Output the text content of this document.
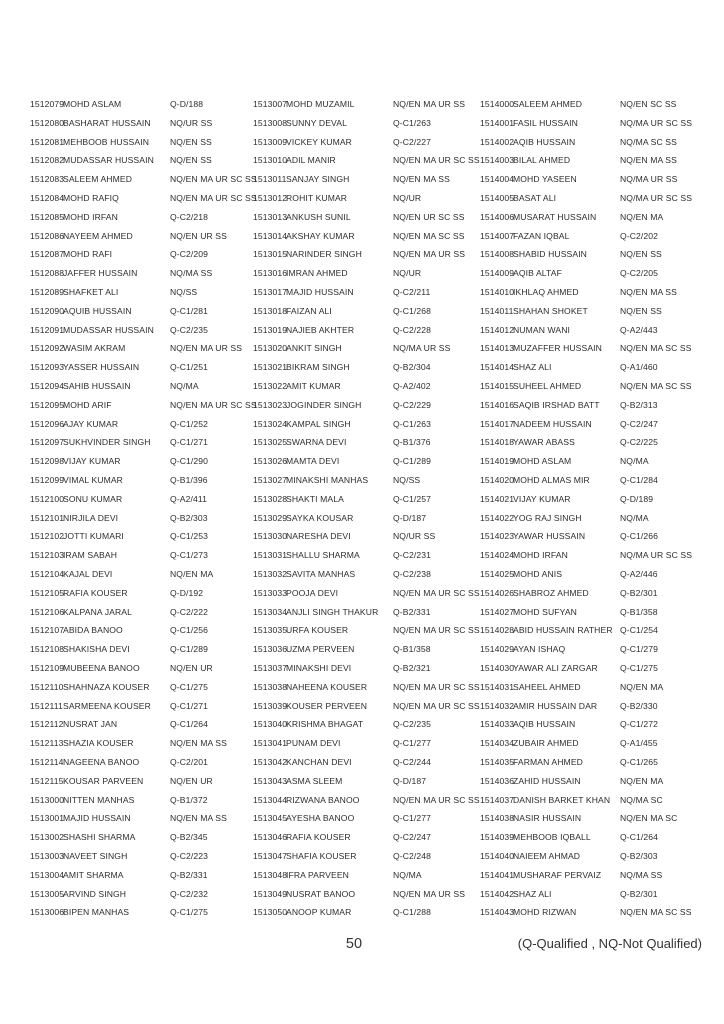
1512079
MOHD ASLAM	Q-D/188
1512080
BASHARAT HUSSAIN	NQ/UR SS
1512081
MEHBOOB HUSSAIN	NQ/EN SS
1512082
MUDASSAR HUSSAIN	NQ/EN SS
1512083
SALEEM AHMED	NQ/EN MA UR SC SS
1512084
MOHD RAFIQ	NQ/EN MA UR SC SS
1512085
MOHD IRFAN	Q-C2/218
1512086
NAYEEM AHMED	NQ/EN UR SS
1512087
MOHD RAFI	Q-C2/209
1512088
JAFFER HUSSAIN	NQ/MA SS
1512089
SHAFKET ALI	NQ/SS
1512090
AQUIB HUSSAIN	Q-C1/281
1512091
MUDASSAR HUSSAIN	Q-C2/235
1512092
WASIM AKRAM	NQ/EN MA UR SS
1512093
YASSER HUSSAIN	Q-C1/251
1512094
SAHIB HUSSAIN	NQ/MA
1512095
MOHD ARIF	NQ/EN MA UR SC SS
1512096
AJAY KUMAR	Q-C1/252
1512097
SUKHVINDER SINGH	Q-C1/271
1512098
VIJAY KUMAR	Q-C1/290
1512099
VIMAL KUMAR	Q-B1/396
1512100
SONU KUMAR	Q-A2/411
1512101
NIRJILA DEVI	Q-B2/303
1512102
JOTTI KUMARI	Q-C1/253
1512103
IRAM SABAH	Q-C1/273
1512104
KAJAL DEVI	NQ/EN MA
1512105
RAFIA KOUSER	Q-D/192
1512106
KALPANA JARAL	Q-C2/222
1512107
ABIDA BANOO	Q-C1/256
1512108
SHAKISHA DEVI	Q-C1/289
1512109
MUBEENA BANOO	NQ/EN UR
1512110 SHAHNAZA KOUSER	Q-C1/275
1512111 SARMEENA KOUSER	Q-C1/271
1512112 NUSRAT JAN	Q-C1/264
1512113 SHAZIA KOUSER	NQ/EN MA SS
1512114 NAGEENA BANOO	Q-C2/201
1512115 KOUSAR PARVEEN	NQ/EN UR
1513000
NITTEN MANHAS	Q-B1/372
1513001
MAJID HUSSAIN	NQ/EN MA SS
1513002
SHASHI SHARMA	Q-B2/345
1513003
NAVEET SINGH	Q-C2/223
1513004
AMIT SHARMA	Q-B2/331
1513005
ARVIND SINGH	Q-C2/232
1513006
BIPEN MANHAS	Q-C1/275
1513007
MOHD MUZAMIL	NQ/EN MA UR SS
1513008
SUNNY DEVAL	Q-C1/263
1513009
VICKEY KUMAR	Q-C2/227
1513010
ADIL MANIR	NQ/EN MA UR SC SS
1513011 SANJAY SINGH	NQ/EN MA SS
1513012
ROHIT KUMAR	NQ/UR
1513013
ANKUSH SUNIL	NQ/EN UR SC SS
1513014
AKSHAY KUMAR	NQ/EN MA SC SS
1513015
NARINDER SINGH	NQ/EN MA UR SS
1513016
IMRAN AHMED	NQ/UR
1513017
MAJID HUSSAIN	Q-C2/211
1513018
FAIZAN ALI	Q-C1/268
1513019
NAJIEB AKHTER	Q-C2/228
1513020
ANKIT SINGH	NQ/MA UR SS
1513021
BIKRAM SINGH	Q-B2/304
1513022
AMIT KUMAR	Q-A2/402
1513023
JOGINDER SINGH	Q-C2/229
1513024
KAMPAL SINGH	Q-C1/263
1513025
SWARNA DEVI	Q-B1/376
1513026
MAMTA DEVI	Q-C1/289
1513027
MINAKSHI MANHAS	NQ/SS
1513028
SHAKTI MALA	Q-C1/257
1513029
SAYKA KOUSAR	Q-D/187
1513030
NARESHA DEVI	NQ/UR SS
1513031
SHALLU SHARMA	Q-C2/231
1513032
SAVITA MANHAS	Q-C2/238
1513033
POOJA DEVI	NQ/EN MA UR SC SS
1513034
ANJLI SINGH THAKUR	Q-B2/331
1513035
URFA KOUSER	NQ/EN MA UR SC SS
1513036
UZMA PERVEEN	Q-B1/358
1513037
MINAKSHI DEVI	Q-B2/321
1513038
NAHEENA KOUSER	NQ/EN MA UR SC SS
1513039
KOUSER PERVEEN	NQ/EN MA UR SC SS
1513040
KRISHMA BHAGAT	Q-C2/235
1513041
PUNAM DEVI	Q-C1/277
1513042
KANCHAN DEVI	Q-C2/244
1513043
ASMA SLEEM	Q-D/187
1513044
RIZWANA BANOO	NQ/EN MA UR SC SS
1513045
AYESHA BANOO	Q-C1/277
1513046
RAFIA KOUSER	Q-C2/247
1513047
SHAFIA KOUSER	Q-C2/248
1513048
IFRA PARVEEN	NQ/MA
1513049
NUSRAT BANOO	NQ/EN MA UR SS
1513050
ANOOP KUMAR	Q-C1/288
1514000
SALEEM AHMED	NQ/EN SC SS
1514001
FASIL HUSSAIN	NQ/MA UR SC SS
1514002
AQIB HUSSAIN	NQ/MA SC SS
1514003
BILAL AHMED	NQ/EN MA SS
1514004
MOHD YASEEN	NQ/MA UR SS
1514005
BASAT ALI	NQ/MA UR SC SS
1514006
MUSARAT HUSSAIN	NQ/EN MA
1514007
FAZAN IQBAL	Q-C2/202
1514008
SHABID HUSSAIN	NQ/EN SS
1514009
AQIB ALTAF	Q-C2/205
1514010
IKHLAQ AHMED	NQ/EN MA SS
1514011 SHAHAN SHOKET	NQ/EN SS
1514012
NUMAN WANI	Q-A2/443
1514013
MUZAFFER HUSSAIN	NQ/EN MA SC SS
1514014
SHAZ ALI	Q-A1/460
1514015
SUHEEL AHMED	NQ/EN MA SC SS
1514016
SAQIB IRSHAD BATT	Q-B2/313
1514017
NADEEM HUSSAIN	Q-C2/247
1514018
YAWAR ABASS	Q-C2/225
1514019
MOHD ASLAM	NQ/MA
1514020
MOHD ALMAS MIR	Q-C1/284
1514021
VIJAY KUMAR	Q-D/189
1514022
YOG RAJ SINGH	NQ/MA
1514023
YAWAR HUSSAIN	Q-C1/266
1514024
MOHD IRFAN	NQ/MA UR SC SS
1514025
MOHD ANIS	Q-A2/446
1514026
SHABROZ AHMED	Q-B2/301
1514027
MOHD SUFYAN	Q-B1/358
1514028
ABID HUSSAIN RATHER Q-C1/254
1514029
AYAN ISHAQ	Q-C1/279
1514030
YAWAR ALI ZARGAR	Q-C1/275
1514031
SAHEEL AHMED	NQ/EN MA
1514032
AMIR HUSSAIN DAR	Q-B2/330
1514033
AQIB HUSSAIN	Q-C1/272
1514034
ZUBAIR AHMED	Q-A1/455
1514035
FARMAN AHMED	Q-C1/265
1514036
ZAHID HUSSAIN	NQ/EN MA
1514037
DANISH BARKET KHAN	NQ/MA SC
1514038
NASIR HUSSAIN	NQ/EN MA SC
1514039
MEHBOOB IQBALL	Q-C1/264
1514040
NAIEEM AHMAD	Q-B2/303
1514041
MUSHARAF PERVAIZ	NQ/MA SS
1514042
SHAZ ALI	Q-B2/301
1514043
MOHD RIZWAN	NQ/EN MA SC SS
50	(Q-Qualified , NQ-Not Qualified)
